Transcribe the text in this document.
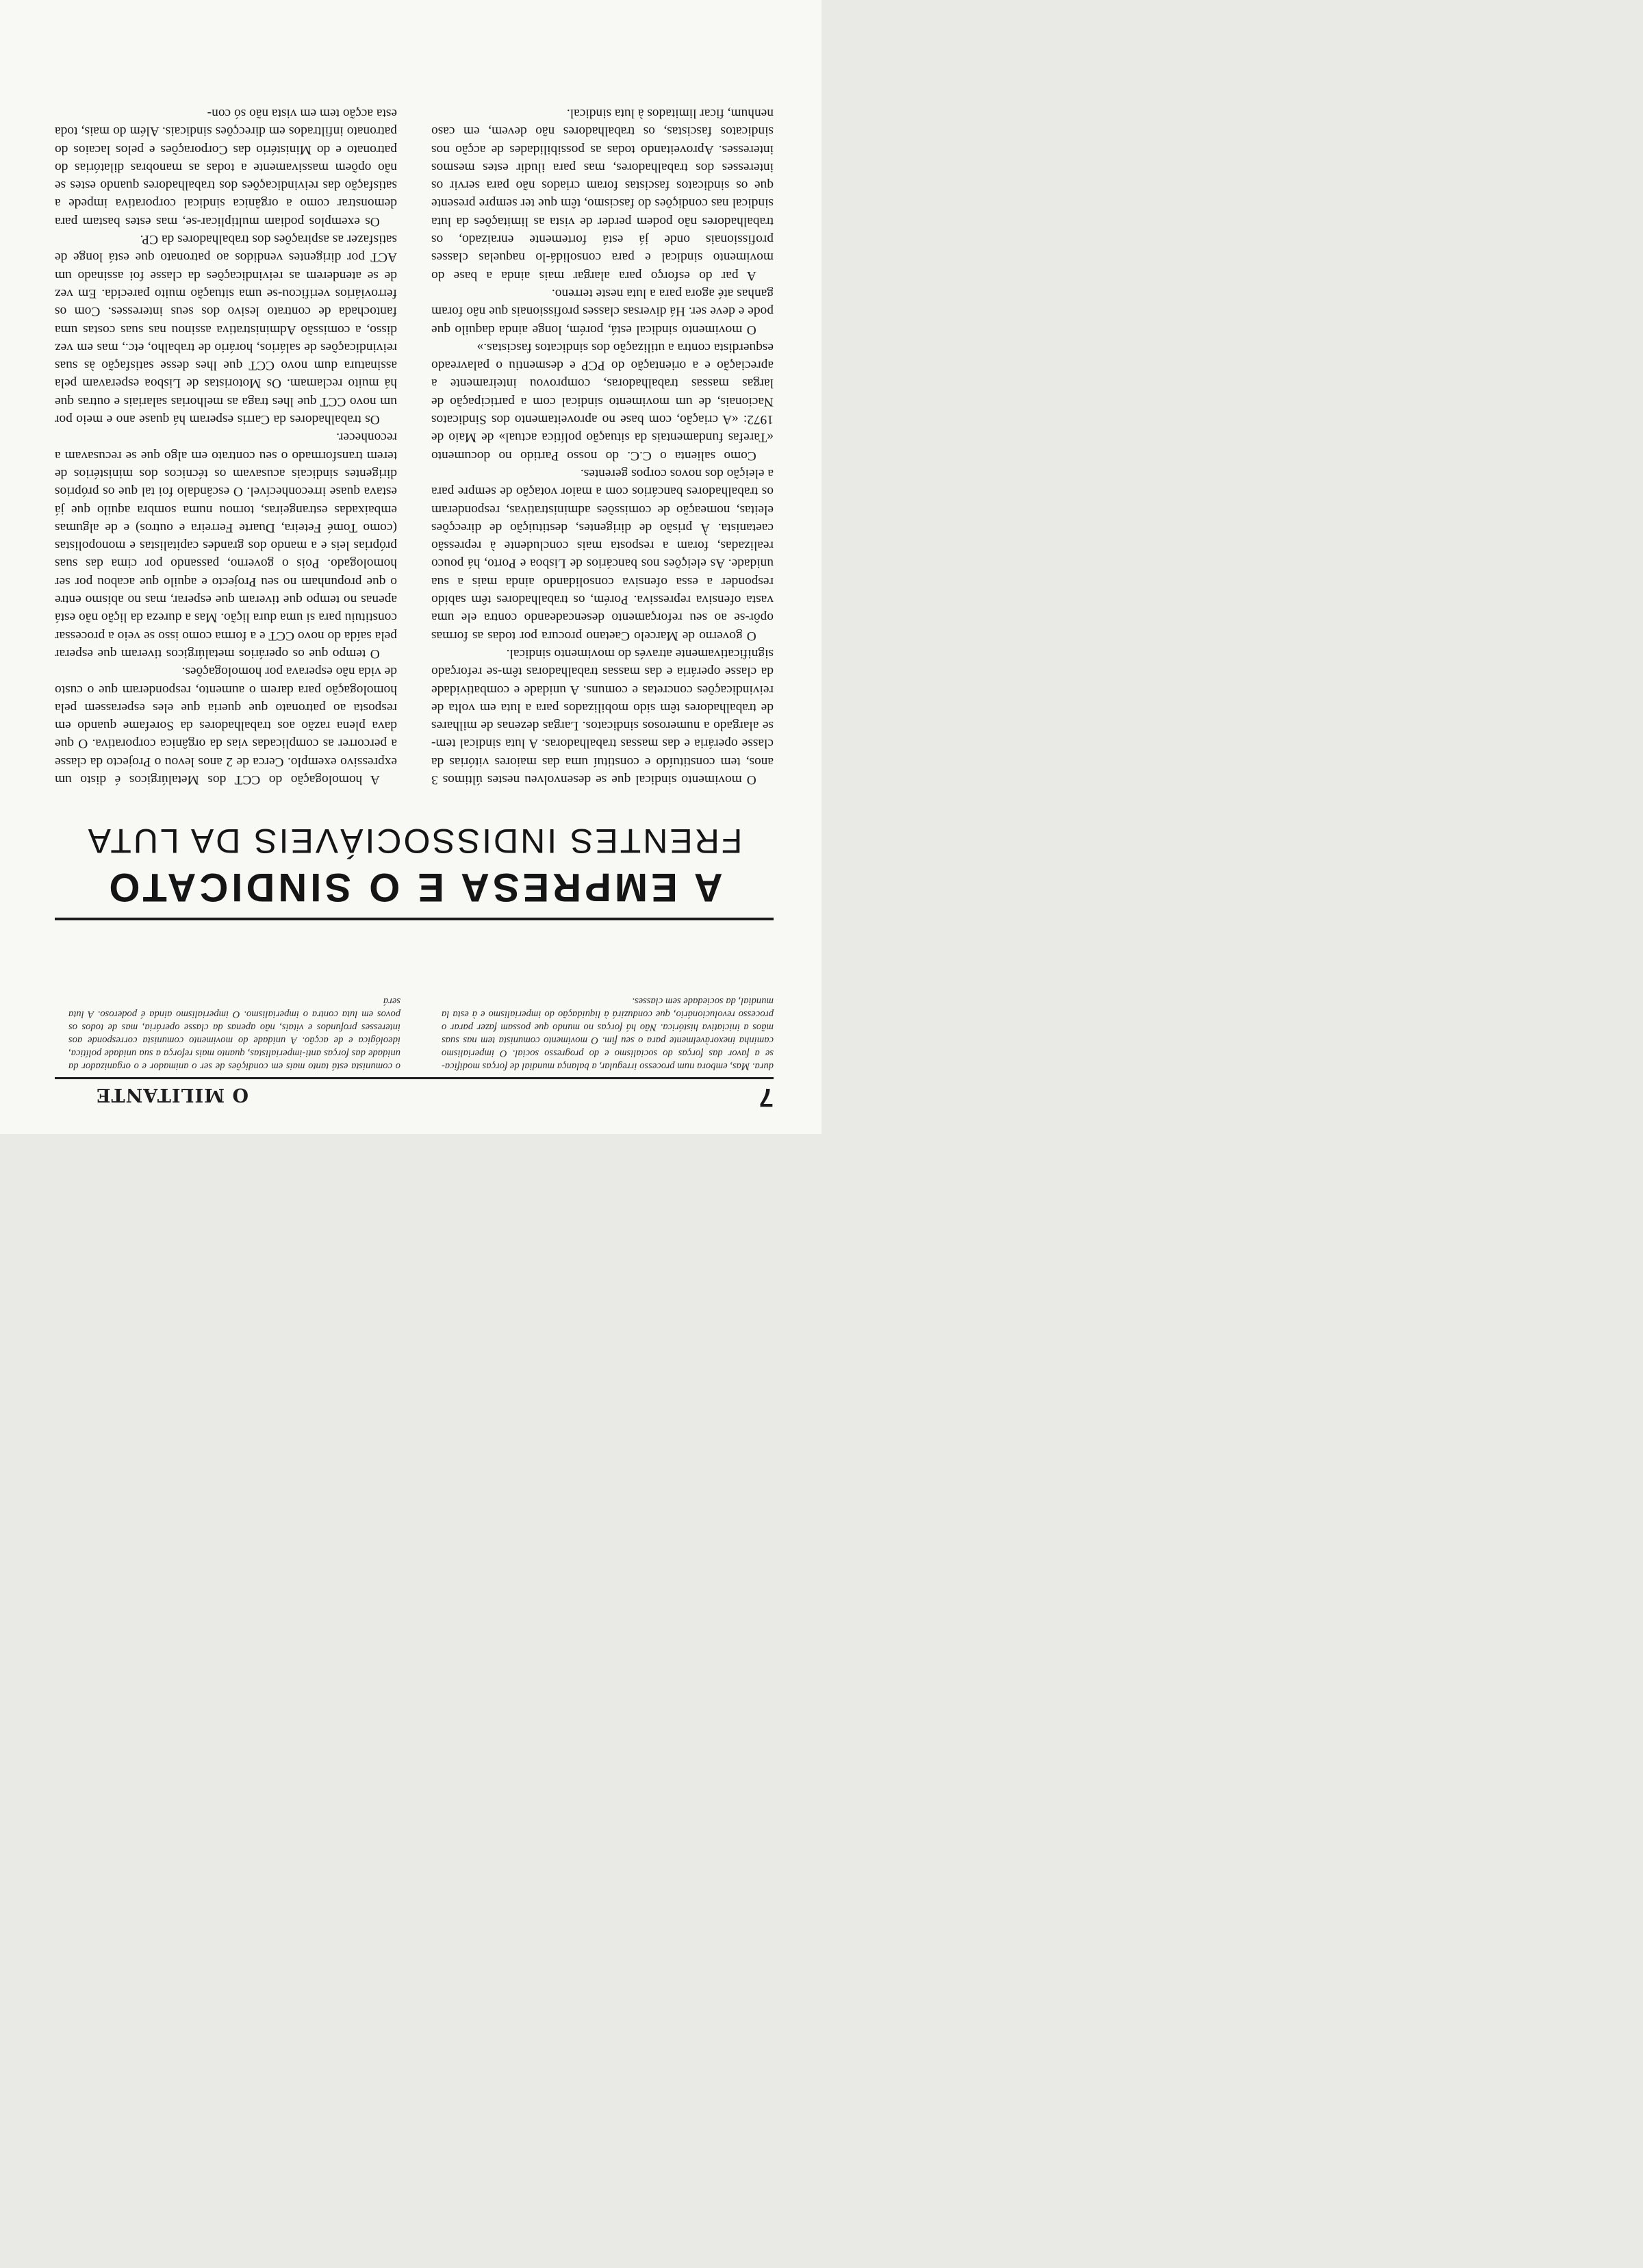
7
O MILITANTE

dura. Mas, embora num processo irregular, a balança mundial de forças modifica-se a favor das forças do socialismo e do progresso social. O imperialismo caminha inexoràvelmente para o seu fim. O movimento comunista tem nas suas mãos a iniciativa histórica. Não há forças no mundo que possam fazer parar o processo revolucionário, que conduzirá à liquidação do imperialismo e à esta la mundial, da sociedade sem classes.

o comunista está tanto mais em condições de ser o animador e o organizador da unidade das forças anti-imperialistas, quanto mais reforça a sua unidade política, ideológica e de acção. A unidade do movimento comunista corresponde aos interesses profundos e vitais, não apenas da classe operária, mas de todos os povos em luta contra o imperialismo. O imperialismo ainda é poderoso. A luta será

A EMPRESA E O SINDICATO
FRENTES INDISSOCIÁVEIS DA LUTA

O movimento sindical que se desenvolveu nestes últimos 3 anos, tem constituído e constituí uma das maiores vitórias da classe operária e das massas trabalhadoras. A luta sindical tem-se alargado a numerosos sindicatos. Largas dezenas de milhares de trabalhadores têm sido mobilizados para a luta em volta de reivindicações concretas e comuns. A unidade e combatividade da classe operária e das massas trabalhadoras têm-se reforçado significativamente através do movimento sindical.

O governo de Marcelo Caetano procura por todas as formas opôr-se ao seu reforçamento desencadeando contra ele uma vasta ofensiva repressiva. Porém, os trabalhadores têm sabido responder a essa ofensiva consolidando ainda mais a sua unidade. As eleições nos bancários de Lisboa e Porto, há pouco realizadas, foram a resposta mais concludente à repressão caetanista. À prisão de dirigentes, destituição de direcções eleitas, nomeação de comissões administrativas, responderam os trabalhadores bancários com a maior votação de sempre para a eleição dos novos corpos gerentes.

Como salienta o C.C. do nosso Partido no documento «Tarefas fundamentais da situação política actual» de Maio de 1972: «A criação, com base no aproveitamento dos Sindicatos Nacionais, de um movimento sindical com a participação de largas massas trabalhadoras, comprovou inteiramente a apreciação e a orientação do PCP e desmentiu o palavreado esquerdista contra a utilização dos sindicatos fascistas.»

O movimento sindical está, porém, longe ainda daquilo que pode e deve ser. Há diversas classes profissionais que não foram ganhas até agora para a luta neste terreno.

A par do esforço para alargar mais ainda a base do movimento sindical e para consolidá-lo naquelas classes profissionais onde já está fortemente enraizado, os trabalhadores não podem perder de vista as limitações da luta sindical nas condições do fascismo, têm que ter sempre presente que os sindicatos fascistas foram criados não para servir os interesses dos trabalhadores, mas para iludir estes mesmos interesses. Aproveitando todas as possibilidades de acção nos sindicatos fascistas, os trabalhadores não devem, em caso nenhum, ficar limitados à luta sindical.

A homologação do CCT dos Metalúrgicos é disto um expressivo exemplo. Cerca de 2 anos levou o Projecto da classe a percorrer as complicadas vias da orgânica corporativa. O que dava plena razão aos trabalhadores da Sorefame quando em resposta ao patronato que queria que eles esperassem pela homologação para darem o aumento, responderam que o custo de vida não esperava por homologações.

O tempo que os operários metalúrgicos tiveram que esperar pela saída do novo CCT e a forma como isso se veio a processar constituiu para si uma dura lição. Mas a dureza da lição não está apenas no tempo que tiveram que esperar, mas no abismo entre o que propunham no seu Projecto e aquilo que acabou por ser homologado. Pois o governo, passando por cima das suas próprias leis e a mando dos grandes capitalistas e monopolistas (como Tomé Feteira, Duarte Ferreira e outros) e de algumas embaixadas estrangeiras, tornou numa sombra aquilo que já estava quase irreconhecível. O escândalo foi tal que os próprios dirigentes sindicais acusavam os técnicos dos ministérios de terem transformado o seu contrato em algo que se recusavam a reconhecer.

Os trabalhadores da Carris esperam há quase ano e meio por um novo CCT que lhes traga as melhorias salariais e outras que há muito reclamam. Os Motoristas de Lisboa esperavam pela assinatura dum novo CCT que lhes desse satisfação às suas reivindicações de salários, horário de trabalho, etc., mas em vez disso, a comissão Administrativa assinou nas suas costas uma fantochada de contrato lesivo dos seus interesses. Com os ferroviários verificou-se uma situação muito parecida. Em vez de se atenderem as reivindicações da classe foi assinado um ACT por dirigentes vendidos ao patronato que está longe de satisfazer as aspirações dos trabalhadores da CP.

Os exemplos podiam multiplicar-se, mas estes bastam para demonstrar como a orgânica sindical corporativa impede a satisfação das reivindicações dos trabalhadores quando estes se não opõem massivamente a todas as manobras dilatórias do patronato e do Ministério das Corporações e pelos lacaios do patronato infiltrados em direcções sindicais. Além do mais, toda esta acção tem em vista não só con-
